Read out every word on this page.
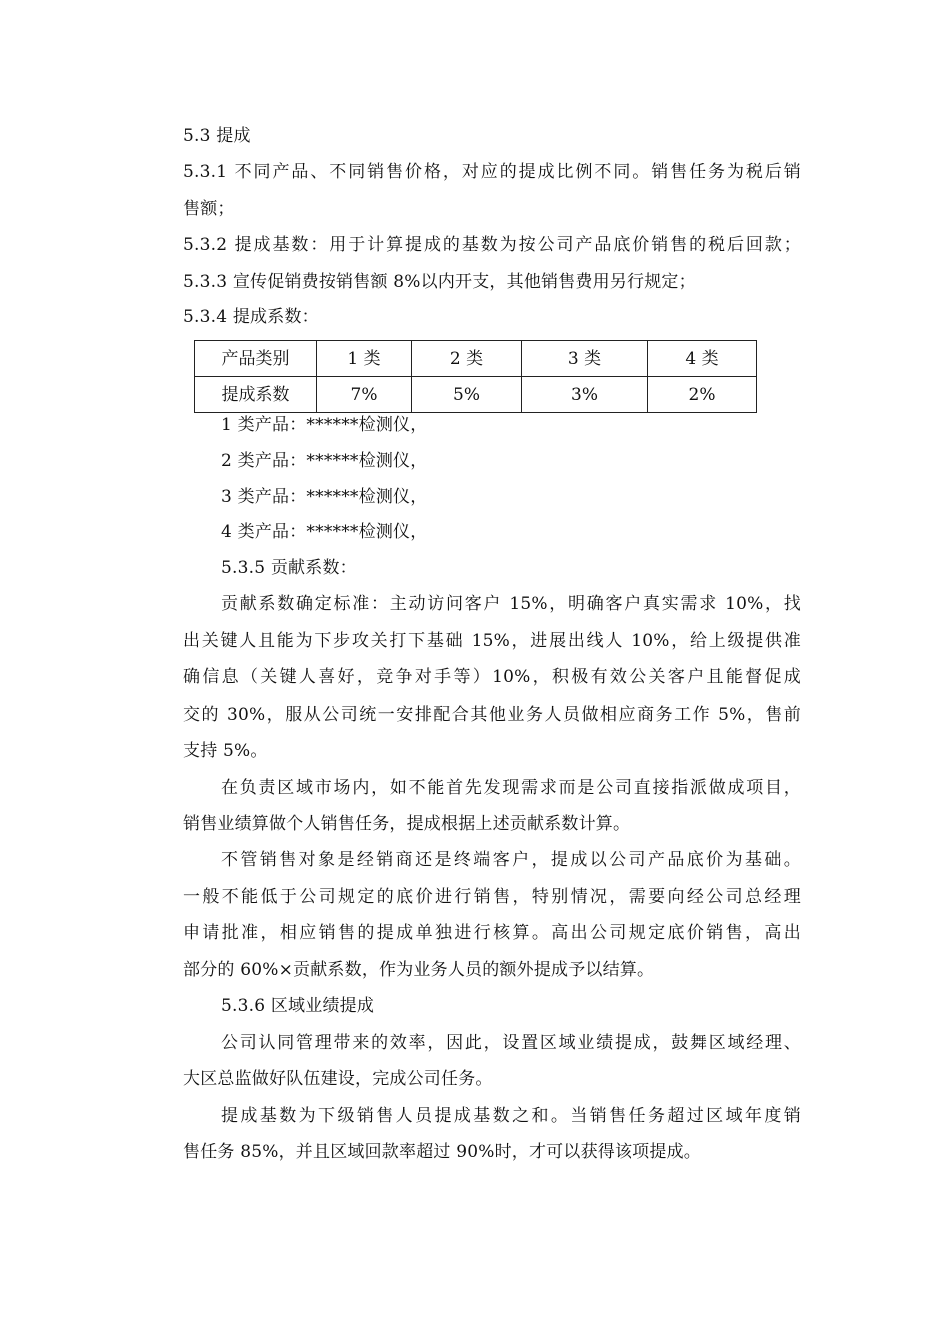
5.3 提成
5.3.1 不同产品、不同销售价格，对应的提成比例不同。销售任务为税后销
售额；
5.3.2 提成基数：用于计算提成的基数为按公司产品底价销售的税后回款；
5.3.3 宣传促销费按销售额 8%以内开支，其他销售费用另行规定；
5.3.4 提成系数：
产品类别	1 类	2 类	3 类	4 类
提成系数	7%	5%	3%	2%
1 类产品：******检测仪，
2 类产品：******检测仪，
3 类产品：******检测仪，
4 类产品：******检测仪，
5.3.5 贡献系数：
贡献系数确定标准：主动访问客户 15%，明确客户真实需求 10%，找
出关键人且能为下步攻关打下基础 15%，进展出线人 10%，给上级提供准
确信息（关键人喜好，竞争对手等）10%，积极有效公关客户且能督促成
交的 30%，服从公司统一安排配合其他业务人员做相应商务工作 5%，售前
支持 5%。
在负责区域市场内，如不能首先发现需求而是公司直接指派做成项目，
销售业绩算做个人销售任务，提成根据上述贡献系数计算。
不管销售对象是经销商还是终端客户，提成以公司产品底价为基础。
一般不能低于公司规定的底价进行销售，特别情况，需要向经公司总经理
申请批准，相应销售的提成单独进行核算。高出公司规定底价销售，高出
部分的 60%×贡献系数，作为业务人员的额外提成予以结算。
5.3.6 区域业绩提成
公司认同管理带来的效率，因此，设置区域业绩提成，鼓舞区域经理、
大区总监做好队伍建设，完成公司任务。
提成基数为下级销售人员提成基数之和。当销售任务超过区域年度销
售任务 85%，并且区域回款率超过 90%时，才可以获得该项提成。
